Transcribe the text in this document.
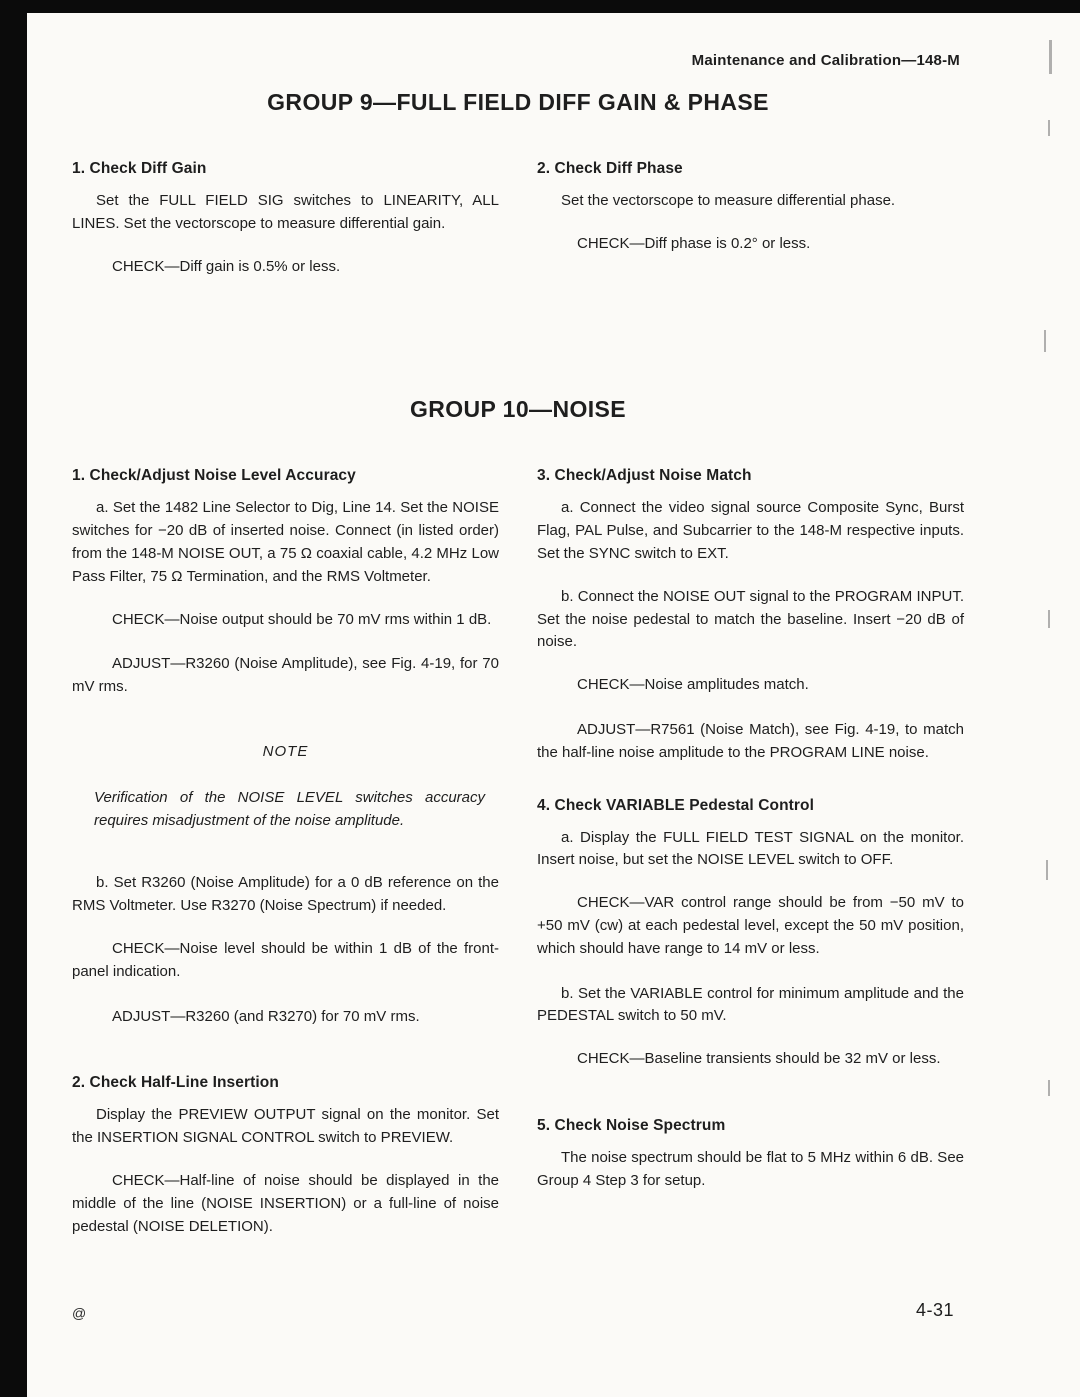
Maintenance and Calibration—148-M
GROUP 9—FULL FIELD DIFF GAIN & PHASE
1. Check Diff Gain

Set the FULL FIELD SIG switches to LINEARITY, ALL LINES. Set the vectorscope to measure differential gain.

CHECK—Diff gain is 0.5% or less.

2. Check Diff Phase

Set the vectorscope to measure differential phase.

CHECK—Diff phase is 0.2° or less.

GROUP 10—NOISE
1. Check/Adjust Noise Level Accuracy

a. Set the 1482 Line Selector to Dig, Line 14. Set the NOISE switches for −20 dB of inserted noise. Connect (in listed order) from the 148-M NOISE OUT, a 75 Ω coaxial cable, 4.2 MHz Low Pass Filter, 75 Ω Termination, and the RMS Voltmeter.

CHECK—Noise output should be 70 mV rms within 1 dB.

ADJUST—R3260 (Noise Amplitude), see Fig. 4-19, for 70 mV rms.

NOTE
Verification of the NOISE LEVEL switches accuracy requires misadjustment of the noise amplitude.

b. Set R3260 (Noise Amplitude) for a 0 dB reference on the RMS Voltmeter. Use R3270 (Noise Spectrum) if needed.

CHECK—Noise level should be within 1 dB of the front-panel indication.

ADJUST—R3260 (and R3270) for 70 mV rms.

2. Check Half-Line Insertion

Display the PREVIEW OUTPUT signal on the monitor. Set the INSERTION SIGNAL CONTROL switch to PREVIEW.

CHECK—Half-line of noise should be displayed in the middle of the line (NOISE INSERTION) or a full-line of noise pedestal (NOISE DELETION).

3. Check/Adjust Noise Match

a. Connect the video signal source Composite Sync, Burst Flag, PAL Pulse, and Subcarrier to the 148-M respective inputs. Set the SYNC switch to EXT.

b. Connect the NOISE OUT signal to the PROGRAM INPUT. Set the noise pedestal to match the baseline. Insert −20 dB of noise.

CHECK—Noise amplitudes match.

ADJUST—R7561 (Noise Match), see Fig. 4-19, to match the half-line noise amplitude to the PROGRAM LINE noise.

4. Check VARIABLE Pedestal Control

a. Display the FULL FIELD TEST SIGNAL on the monitor. Insert noise, but set the NOISE LEVEL switch to OFF.

CHECK—VAR control range should be from −50 mV to +50 mV (cw) at each pedestal level, except the 50 mV position, which should have range to 14 mV or less.

b. Set the VARIABLE control for minimum amplitude and the PEDESTAL switch to 50 mV.

CHECK—Baseline transients should be 32 mV or less.

5. Check Noise Spectrum

The noise spectrum should be flat to 5 MHz within 6 dB. See Group 4 Step 3 for setup.

@	4-31
